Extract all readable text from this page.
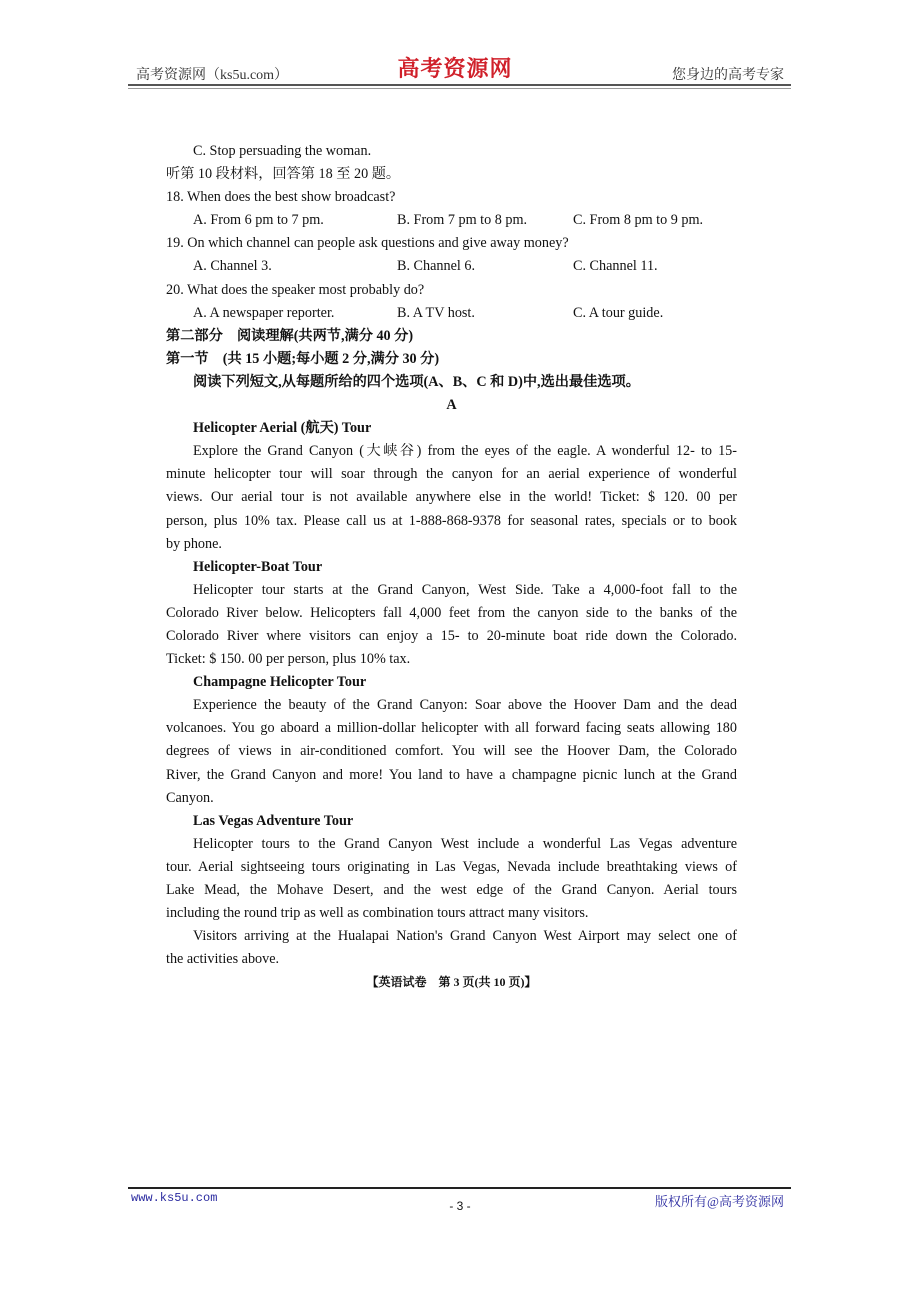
高考资源网（ks5u.com）	高考资源网	您身边的高考专家
C. Stop persuading the woman.
听第 10 段材料，回答第 18 至 20 题。
18. When does the best show broadcast?
A. From 6 pm to 7 pm.	B. From 7 pm to 8 pm.	C. From 8 pm to 9 pm.
19. On which channel can people ask questions and give away money?
A. Channel 3.	B. Channel 6.	C. Channel 11.
20. What does the speaker most probably do?
A. A newspaper reporter.	B. A TV host.	C. A tour guide.
第二部分　阅读理解(共两节,满分 40 分)
第一节　(共 15 小题;每小题 2 分,满分 30 分)
阅读下列短文,从每题所给的四个选项(A、B、C 和 D)中,选出最佳选项。
A
Helicopter Aerial (航天) Tour
Explore the Grand Canyon (大峡谷) from the eyes of the eagle. A wonderful 12- to 15-
minute helicopter tour will soar through the canyon for an aerial experience of wonderful
views. Our aerial tour is not available anywhere else in the world! Ticket: $ 120. 00 per
person, plus 10% tax. Please call us at 1-888-868-9378 for seasonal rates, specials or to book
by phone.
Helicopter-Boat Tour
Helicopter tour starts at the Grand Canyon, West Side. Take a 4,000-foot fall to the
Colorado River below. Helicopters fall 4,000 feet from the canyon side to the banks of the
Colorado River where visitors can enjoy a 15- to 20-minute boat ride down the Colorado.
Ticket: $ 150. 00 per person, plus 10% tax.
Champagne Helicopter Tour
Experience the beauty of the Grand Canyon: Soar above the Hoover Dam and the dead
volcanoes. You go aboard a million-dollar helicopter with all forward facing seats allowing 180
degrees of views in air-conditioned comfort. You will see the Hoover Dam, the Colorado
River, the Grand Canyon and more! You land to have a champagne picnic lunch at the Grand
Canyon.
Las Vegas Adventure Tour
Helicopter tours to the Grand Canyon West include a wonderful Las Vegas adventure
tour. Aerial sightseeing tours originating in Las Vegas, Nevada include breathtaking views of
Lake Mead, the Mohave Desert, and the west edge of the Grand Canyon. Aerial tours
including the round trip as well as combination tours attract many visitors.
Visitors arriving at the Hualapai Nation's Grand Canyon West Airport may select one of
the activities above.
【英语试卷　第 3 页(共 10 页)】
www.ks5u.com
- 3 -	版权所有@高考资源网
